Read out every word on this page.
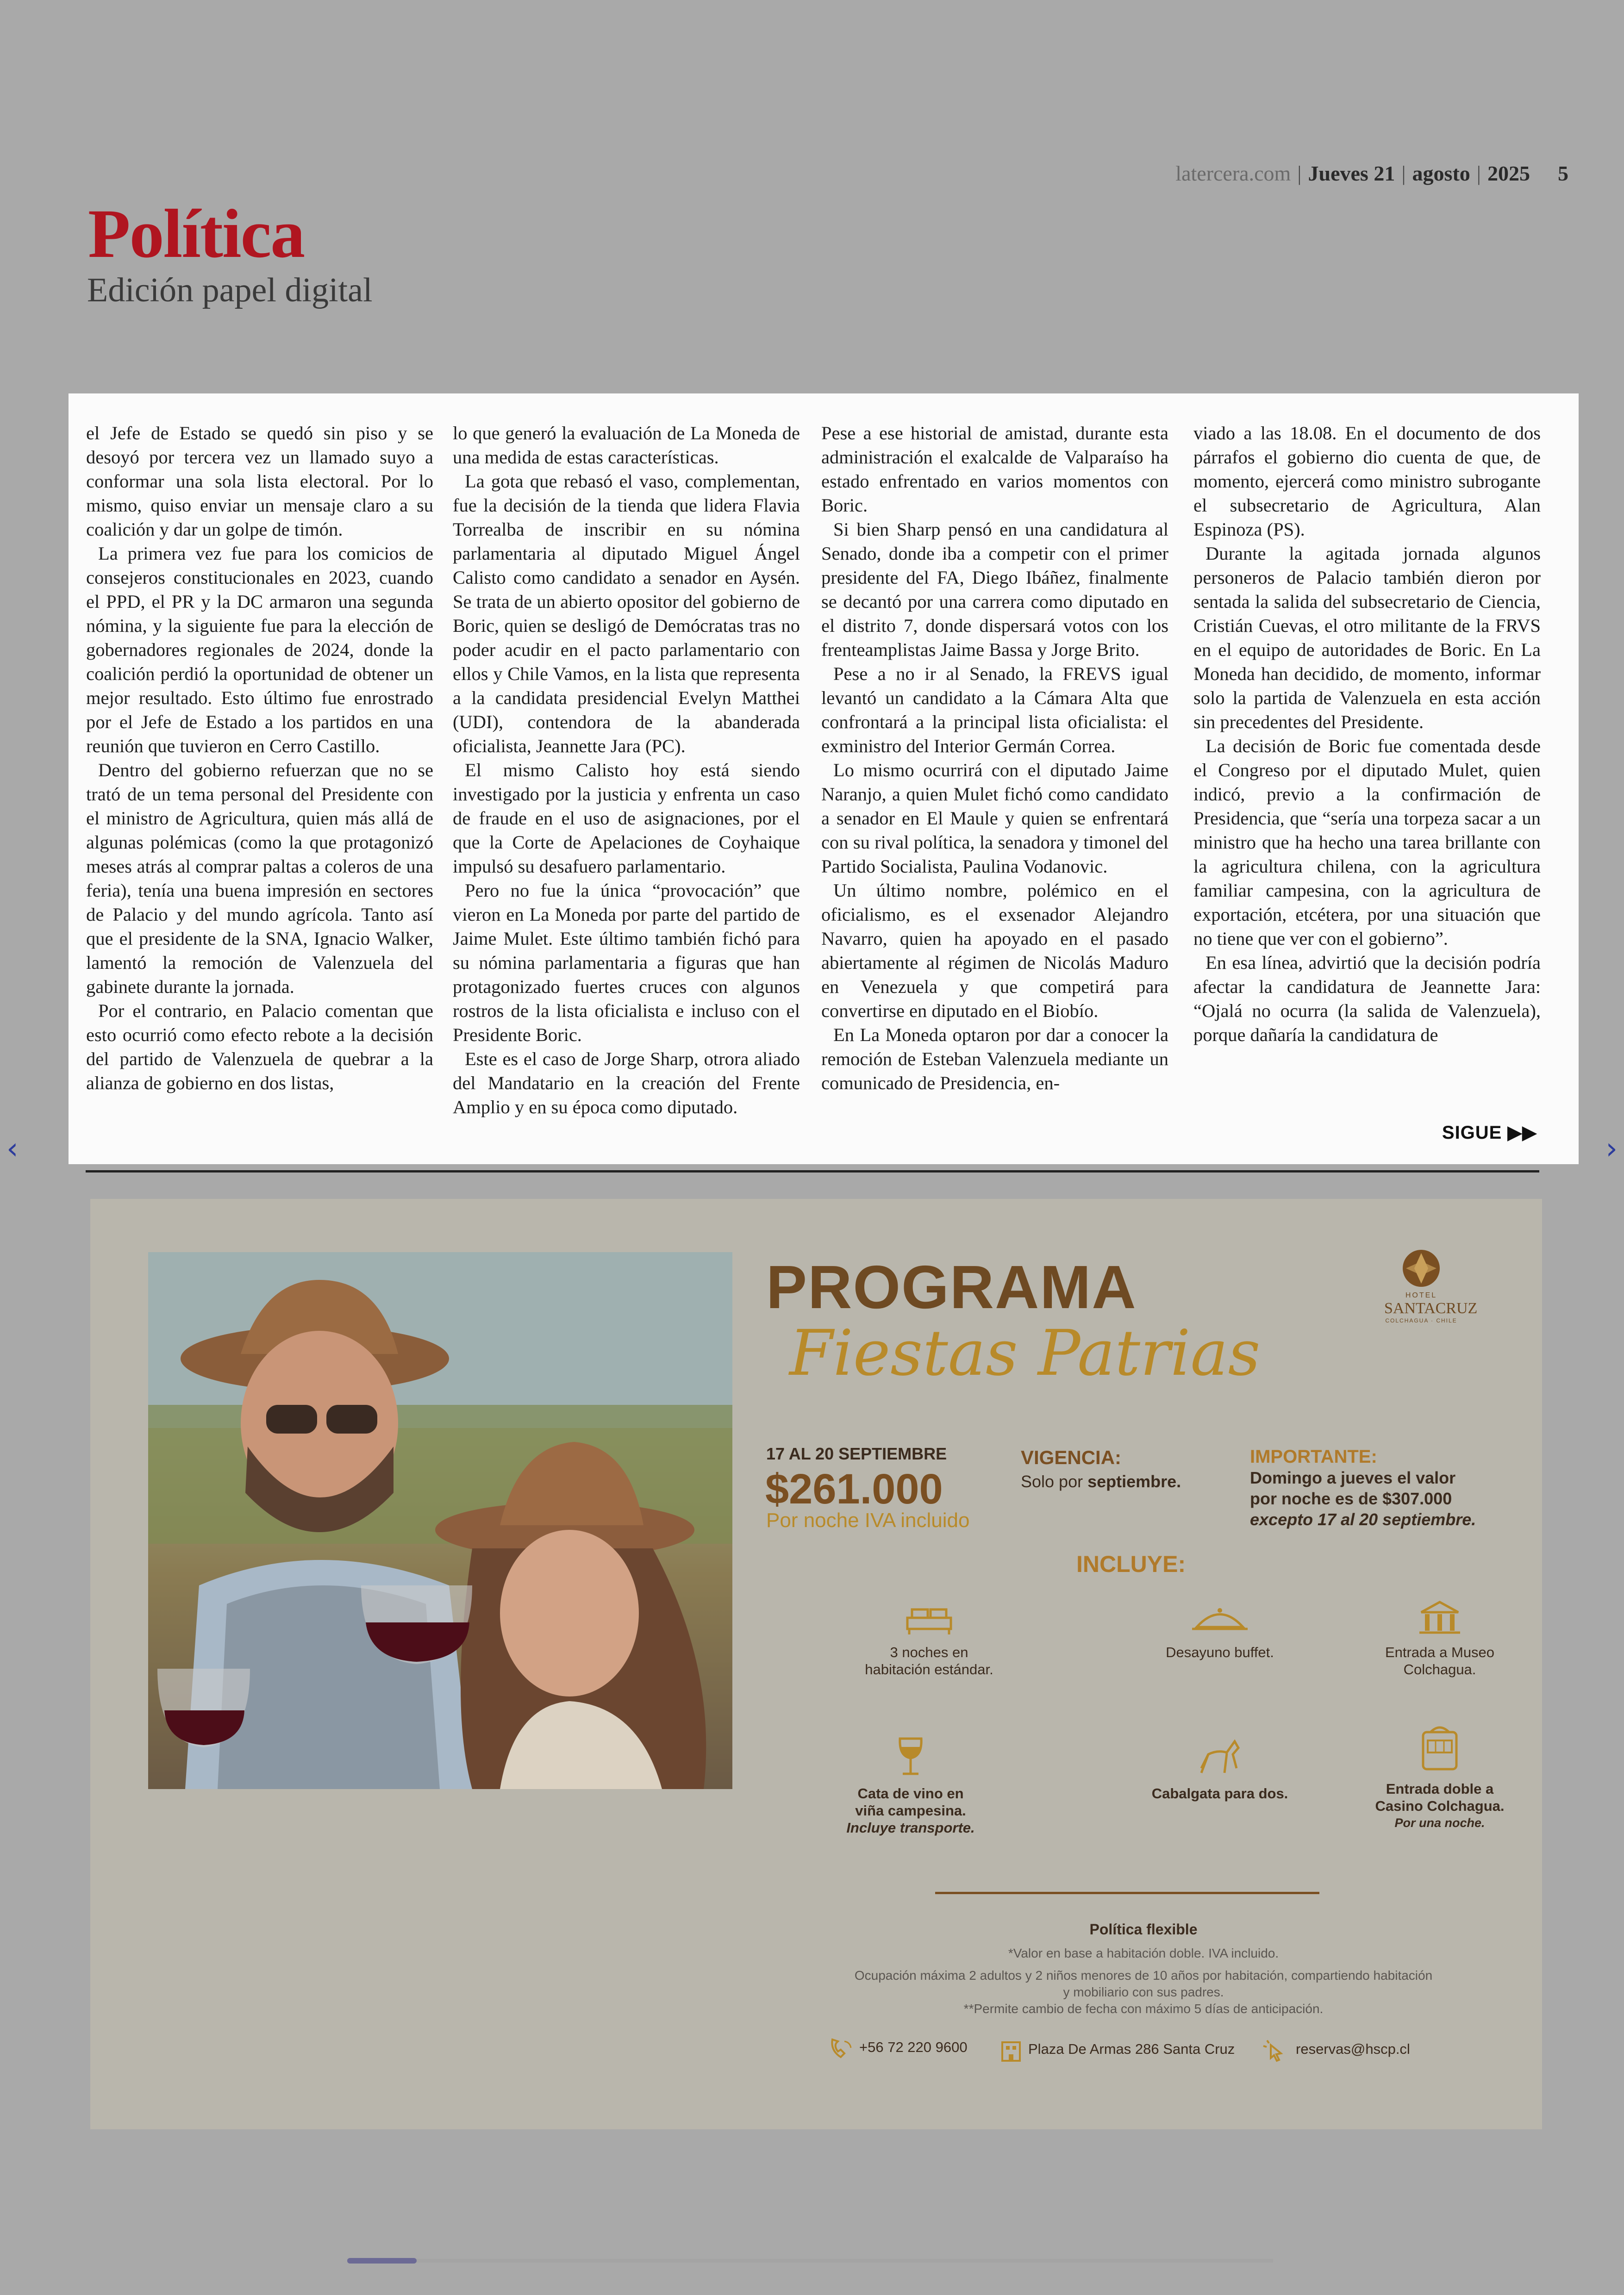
latercera.com | Jueves 21 | agosto | 2025 5
Política
Edición papel digital

el Jefe de Estado se quedó sin piso y se desoyó por tercera vez un llamado suyo a conformar una sola lista electoral. Por lo mismo, quiso enviar un mensaje claro a su coalición y dar un golpe de timón.

La primera vez fue para los comicios de consejeros constitucionales en 2023, cuando el PPD, el PR y la DC armaron una segunda nómina, y la siguiente fue para la elección de gobernadores regionales de 2024, donde la coalición perdió la oportunidad de obtener un mejor resultado. Esto último fue enrostrado por el Jefe de Estado a los partidos en una reunión que tuvieron en Cerro Castillo.

Dentro del gobierno refuerzan que no se trató de un tema personal del Presidente con el ministro de Agricultura, quien más allá de algunas polémicas (como la que protagonizó meses atrás al comprar paltas a coleros de una feria), tenía una buena impresión en sectores de Palacio y del mundo agrícola. Tanto así que el presidente de la SNA, Ignacio Walker, lamentó la remoción de Valenzuela del gabinete durante la jornada.

Por el contrario, en Palacio comentan que esto ocurrió como efecto rebote a la decisión del partido de Valenzuela de quebrar a la alianza de gobierno en dos listas,

lo que generó la evaluación de La Moneda de una medida de estas características.

La gota que rebasó el vaso, complementan, fue la decisión de la tienda que lidera Flavia Torrealba de inscribir en su nómina parlamentaria al diputado Miguel Ángel Calisto como candidato a senador en Aysén. Se trata de un abierto opositor del gobierno de Boric, quien se desligó de Demócratas tras no poder acudir en el pacto parlamentario con ellos y Chile Vamos, en la lista que representa a la candidata presidencial Evelyn Matthei (UDI), contendora de la abanderada oficialista, Jeannette Jara (PC).

El mismo Calisto hoy está siendo investigado por la justicia y enfrenta un caso de fraude en el uso de asignaciones, por el que la Corte de Apelaciones de Coyhaique impulsó su desafuero parlamentario.

Pero no fue la única “provocación” que vieron en La Moneda por parte del partido de Jaime Mulet. Este último también fichó para su nómina parlamentaria a figuras que han protagonizado fuertes cruces con algunos rostros de la lista oficialista e incluso con el Presidente Boric.

Este es el caso de Jorge Sharp, otrora aliado del Mandatario en la creación del Frente Amplio y en su época como diputado.

Pese a ese historial de amistad, durante esta administración el exalcalde de Valparaíso ha estado enfrentado en varios momentos con Boric.

Si bien Sharp pensó en una candidatura al Senado, donde iba a competir con el primer presidente del FA, Diego Ibáñez, finalmente se decantó por una carrera como diputado en el distrito 7, donde dispersará votos con los frenteamplistas Jaime Bassa y Jorge Brito.

Pese a no ir al Senado, la FREVS igual levantó un candidato a la Cámara Alta que confrontará a la principal lista oficialista: el exministro del Interior Germán Correa.

Lo mismo ocurrirá con el diputado Jaime Naranjo, a quien Mulet fichó como candidato a senador en El Maule y quien se enfrentará con su rival política, la senadora y timonel del Partido Socialista, Paulina Vodanovic.

Un último nombre, polémico en el oficialismo, es el exsenador Alejandro Navarro, quien ha apoyado en el pasado abiertamente al régimen de Nicolás Maduro en Venezuela y que competirá para convertirse en diputado en el Biobío.

En La Moneda optaron por dar a conocer la remoción de Esteban Valenzuela mediante un comunicado de Presidencia, en-

viado a las 18.08. En el documento de dos párrafos el gobierno dio cuenta de que, de momento, ejercerá como ministro subrogante el subsecretario de Agricultura, Alan Espinoza (PS).

Durante la agitada jornada algunos personeros de Palacio también dieron por sentada la salida del subsecretario de Ciencia, Cristián Cuevas, el otro militante de la FRVS en el equipo de autoridades de Boric. En La Moneda han decidido, de momento, informar solo la partida de Valenzuela en esta acción sin precedentes del Presidente.

La decisión de Boric fue comentada desde el Congreso por el diputado Mulet, quien indicó, previo a la confirmación de Presidencia, que “sería una torpeza sacar a un ministro que ha hecho una tarea brillante con la agricultura chilena, con la agricultura familiar campesina, con la agricultura de exportación, etcétera, por una situación que no tiene que ver con el gobierno”.

En esa línea, advirtió que la decisión podría afectar la candidatura de Jeannette Jara: “Ojalá no ocurra (la salida de Valenzuela), porque dañaría la candidatura de

SIGUE ▶▶
‹	›
PROGRAMA
Fiestas Patrias
HOTEL
SANTACRUZ
COLCHAGUA · CHILE
17 AL 20 SEPTIEMBRE
$261.000
Por noche IVA incluido
VIGENCIA:
Solo por septiembre.
IMPORTANTE:
Domingo a jueves el valor
por noche es de $307.000
excepto 17 al 20 septiembre.
INCLUYE:
3 noches en
habitación estándar.
Desayuno buffet.	Entrada a Museo
Colchagua.
Cata de vino en
viña campesina.
Incluye transporte.
Cabalgata para dos.	Entrada doble a
Casino Colchagua.
Por una noche.
Política flexible
*Valor en base a habitación doble. IVA incluido.
Ocupación máxima 2 adultos y 2 niños menores de 10 años por habitación, compartiendo habitación
y mobiliario con sus padres.
**Permite cambio de fecha con máximo 5 días de anticipación.
+56 72 220 9600	Plaza De Armas 286 Santa Cruz	reservas@hscp.cl
